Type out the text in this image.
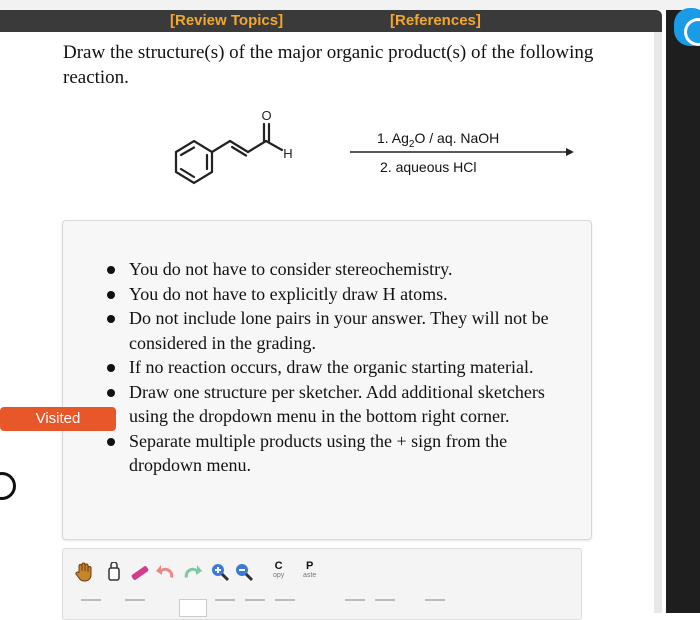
[Review Topics]	[References]
Draw the structure(s) of the major organic product(s) of the following reaction.
O
H
1. $Ag_2O$ / aq. NaOH
2. aqueous HCl
You do not have to consider stereochemistry.
You do not have to explicitly draw H atoms.
Do not include lone pairs in your answer. They will not be considered in the grading.
If no reaction occurs, draw the organic starting material.
Draw one structure per sketcher. Add additional sketchers using the dropdown menu in the bottom right corner.
Separate multiple products using the + sign from the dropdown menu.
Visited
C
opy
P
aste
